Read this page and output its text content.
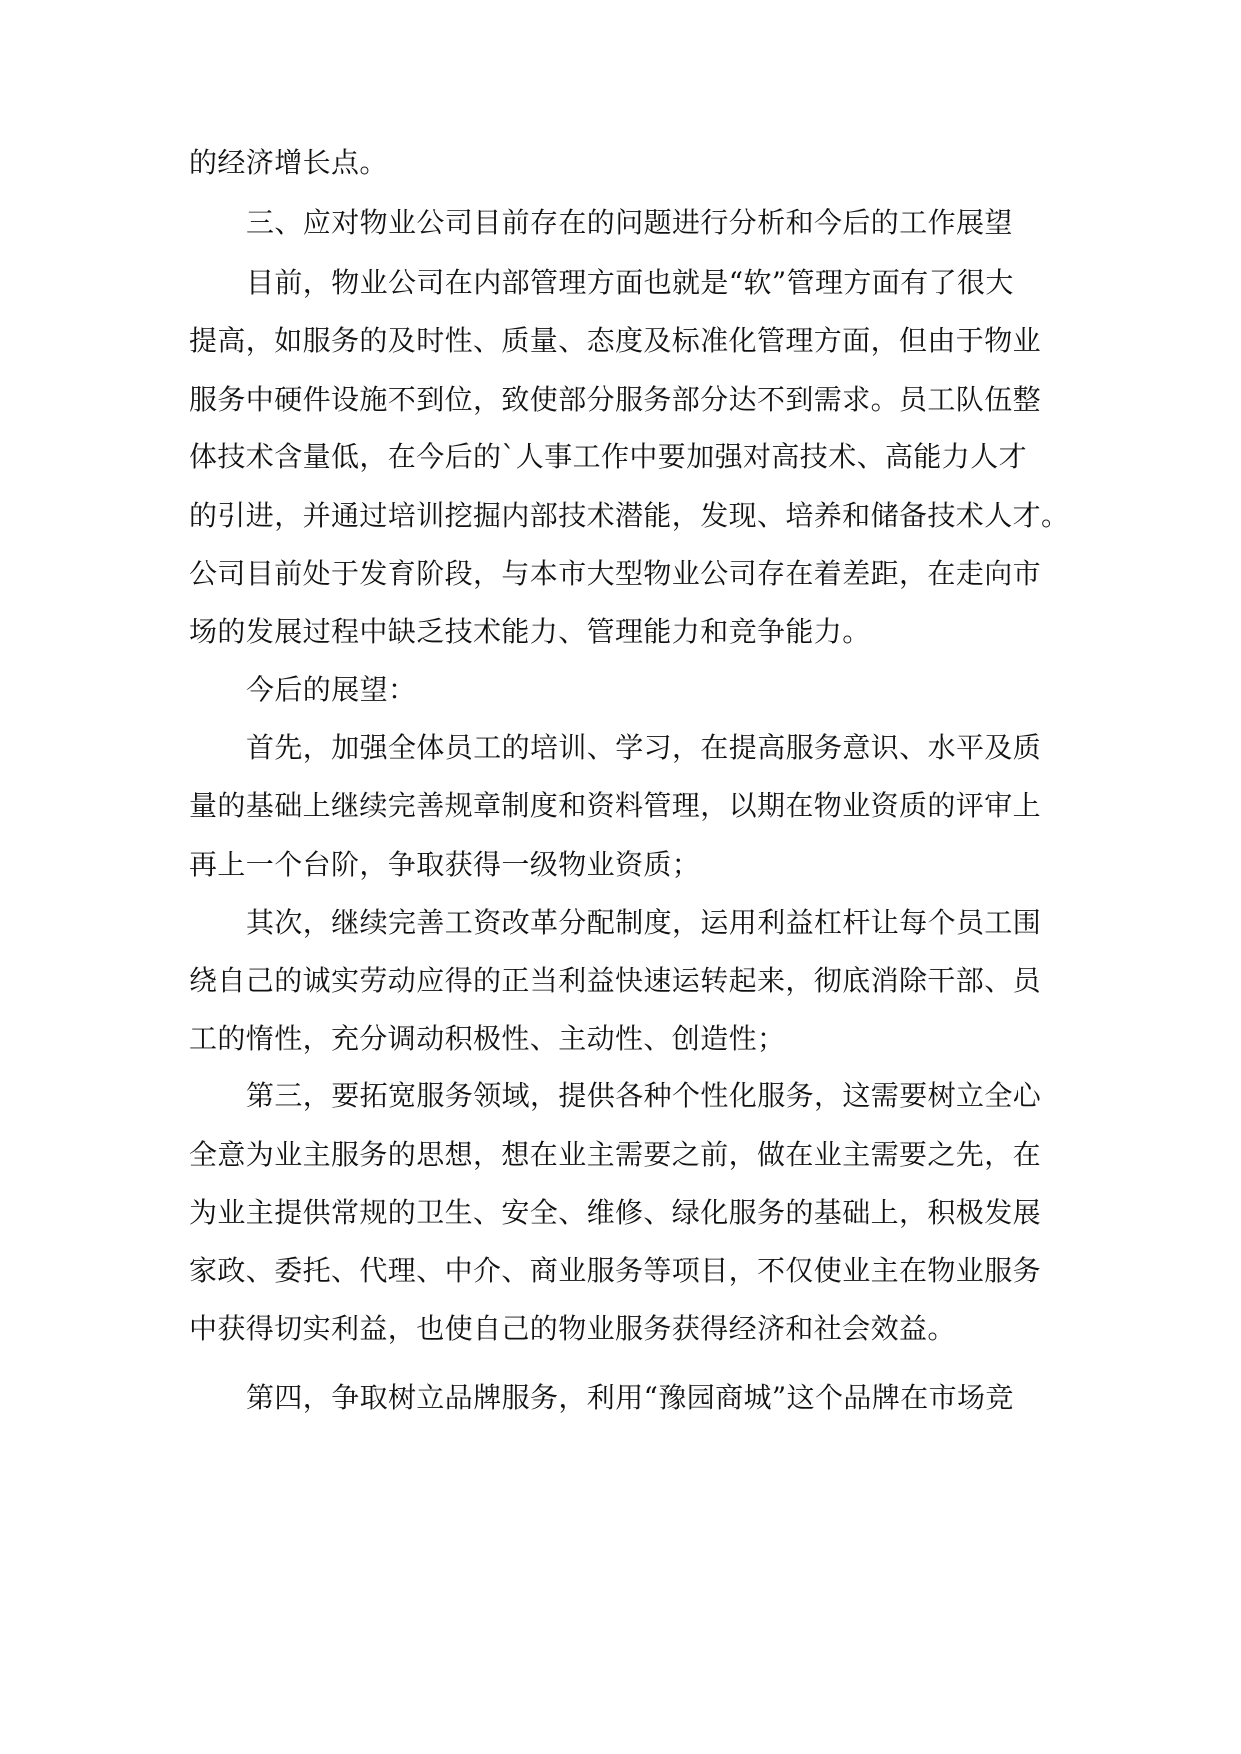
的经济增长点。
三、应对物业公司目前存在的问题进行分析和今后的工作展望
目前，物业公司在内部管理方面也就是“软”管理方面有了很大
提高，如服务的及时性、质量、态度及标准化管理方面，但由于物业
服务中硬件设施不到位，致使部分服务部分达不到需求。员工队伍整
体技术含量低，在今后的`人事工作中要加强对高技术、高能力人才
的引进，并通过培训挖掘内部技术潜能，发现、培养和储备技术人才。
公司目前处于发育阶段，与本市大型物业公司存在着差距，在走向市
场的发展过程中缺乏技术能力、管理能力和竞争能力。
今后的展望：
首先，加强全体员工的培训、学习，在提高服务意识、水平及质
量的基础上继续完善规章制度和资料管理，以期在物业资质的评审上
再上一个台阶，争取获得一级物业资质；
其次，继续完善工资改革分配制度，运用利益杠杆让每个员工围
绕自己的诚实劳动应得的正当利益快速运转起来，彻底消除干部、员
工的惰性，充分调动积极性、主动性、创造性；
第三，要拓宽服务领域，提供各种个性化服务，这需要树立全心
全意为业主服务的思想，想在业主需要之前，做在业主需要之先，在
为业主提供常规的卫生、安全、维修、绿化服务的基础上，积极发展
家政、委托、代理、中介、商业服务等项目，不仅使业主在物业服务
中获得切实利益，也使自己的物业服务获得经济和社会效益。
第四，争取树立品牌服务，利用“豫园商城”这个品牌在市场竞
